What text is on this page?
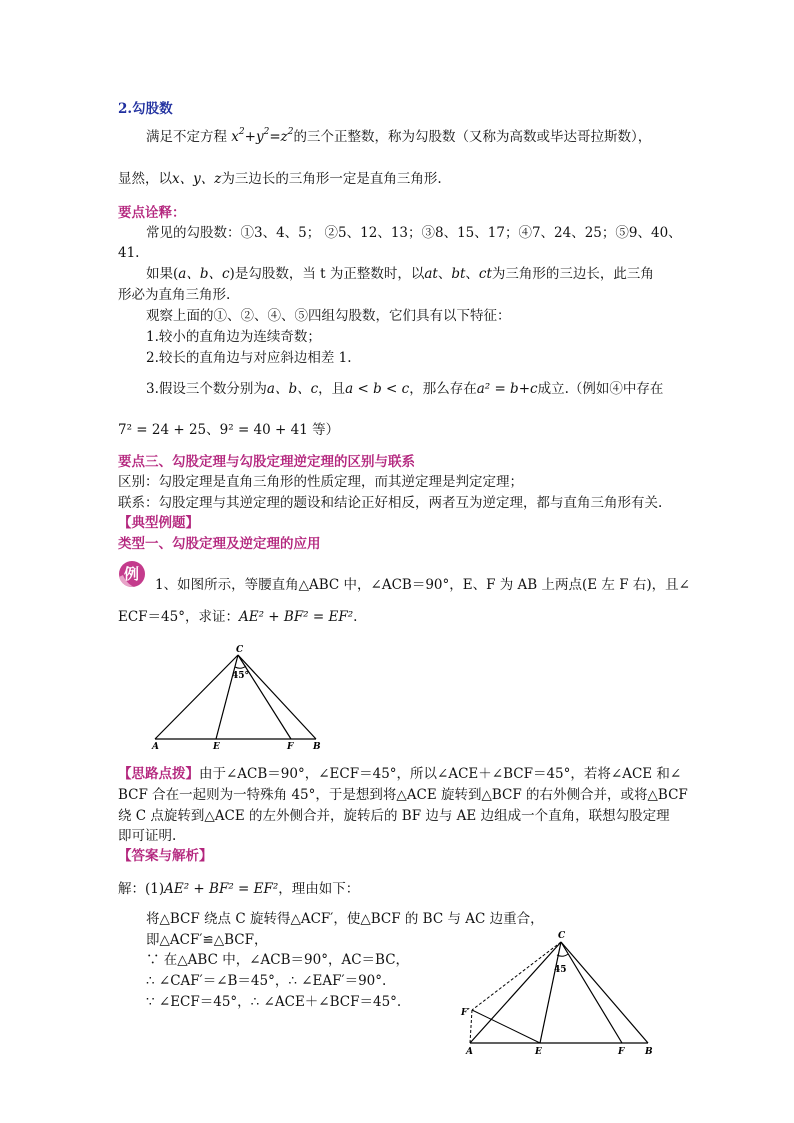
2.勾股数
满足不定方程 $x^2+y^2=z^2$的三个正整数，称为勾股数（又称为高数或毕达哥拉斯数），
显然，以x、y、z为三边长的三角形一定是直角三角形.
要点诠释：
常见的勾股数：①3、4、5； ②5、12、13；③8、15、17；④7、24、25；⑤9、40、
41.
如果(a、b、c)是勾股数，当 t 为正整数时，以at、bt、ct为三角形的三边长，此三角
形必为直角三角形.
观察上面的①、②、④、⑤四组勾股数，它们具有以下特征：
1.较小的直角边为连续奇数；
2.较长的直角边与对应斜边相差 1.
3.假设三个数分别为a、b、c，且a < b < c，那么存在a² = b+c成立.（例如④中存在
7² = 24 + 25、9² = 40 + 41 等）
要点三、勾股定理与勾股定理逆定理的区别与联系
区别：勾股定理是直角三角形的性质定理，而其逆定理是判定定理；
联系：勾股定理与其逆定理的题设和结论正好相反，两者互为逆定理，都与直角三角形有关.
【典型例题】
类型一、勾股定理及逆定理的应用
例
1、如图所示，等腰直角△ABC 中，∠ACB＝90°，E、F 为 AB 上两点(E 左 F 右)，且∠
ECF＝45°，求证：AE² + BF² = EF².
C
45°
A	E	F B
【思路点拨】由于∠ACB＝90°，∠ECF＝45°，所以∠ACE＋∠BCF＝45°，若将∠ACE 和∠
BCF 合在一起则为一特殊角 45°，于是想到将△ACE 旋转到△BCF 的右外侧合并，或将△BCF
绕 C 点旋转到△ACE 的左外侧合并，旋转后的 BF 边与 AE 边组成一个直角，联想勾股定理
即可证明.
【答案与解析】
解：(1)AE² + BF² = EF²，理由如下：
将△BCF 绕点 C 旋转得△ACF′，使△BCF 的 BC 与 AC 边重合，
即△ACF′≌△BCF，
∵ 在△ABC 中，∠ACB＝90°，AC＝BC，
∴ ∠CAF′＝∠B＝45°，∴ ∠EAF′＝90°.
∵ ∠ECF＝45°，∴ ∠ACE＋∠BCF＝45°.
C
45
F′
A	E	F B
